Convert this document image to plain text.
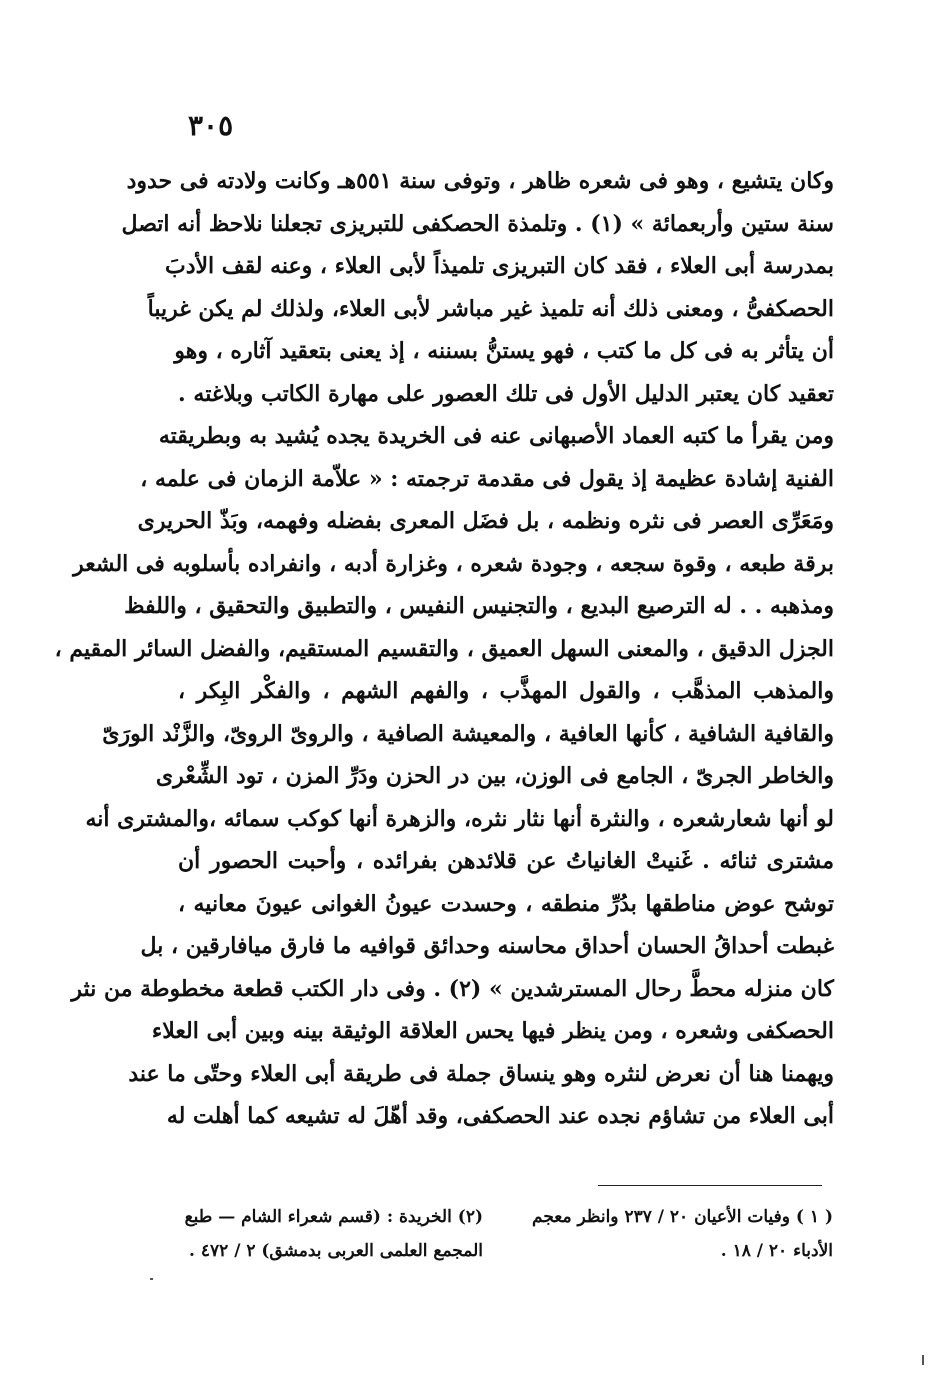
٣٠٥
وكان يتشيع ، وهو فى شعره ظاهر ، وتوفى سنة ٥٥١هـ وكانت ولادته فى حدود
سنة ستين وأربعمائة » (١) . وتلمذة الحصكفى للتبريزى تجعلنا نلاحظ أنه اتصل
بمدرسة أبى العلاء ، فقد كان التبريزى تلميذاً لأبى العلاء ، وعنه لقف الأدبَ
الحصكفىُّ ، ومعنى ذلك أنه تلميذ غير مباشر لأبى العلاء، ولذلك لم يكن غريباً
أن يتأثر به فى كل ما كتب ، فهو يستنُّ بسننه ، إذ يعنى بتعقيد آثاره ، وهو
تعقيد كان يعتبر الدليل الأول فى تلك العصور على مهارة الكاتب وبلاغته .
ومن يقرأ ما كتبه العماد الأصبهانى عنه فى الخريدة يجده يُشيد به وبطريقته
الفنية إشادة عظيمة إذ يقول فى مقدمة ترجمته : « علاّمة الزمان فى علمه ،
ومَعَرِّى العصر فى نثره ونظمه ، بل فضَل المعرى بفضله وفهمه، وبَذّ الحريرى
برقة طبعه ، وقوة سجعه ، وجودة شعره ، وغزارة أدبه ، وانفراده بأسلوبه فى الشعر
ومذهبه . . له الترصيع البديع ، والتجنيس النفيس ، والتطبيق والتحقيق ، واللفظ
الجزل الدقيق ، والمعنى السهل العميق ، والتقسيم المستقيم، والفضل السائر المقيم ،
والمذهب المذهَّب ، والقول المهذَّب ، والفهم الشهم ، والفكْر البِكر ،
والقافية الشافية ، كأنها العافية ، والمعيشة الصافية ، والروىّ الروىّ، والزَّنْد الورَىّ
والخاطر الجرىّ ، الجامع فى الوزن، بين در الحزن ودَرِّ المزن ، تود الشِّعْرى
لو أنها شعارشعره ، والنثرة أنها نثار نثره، والزهرة أنها كوكب سمائه ،والمشترى أنه
مشترى ثنائه . غَنيتْ الغانياتُ عن قلائدهن بفرائده ، وأحبت الحصور أن
توشح عوض مناطقها بدُرِّ منطقه ، وحسدت عيونُ الغوانى عيونَ معانيه ،
غبطت أحداقُ الحسان أحداق محاسنه وحدائق قوافيه ما فارق ميافارقين ، بل
كان منزله محطَّ رحال المسترشدين » (٢) . وفى دار الكتب قطعة مخطوطة من نثر
الحصكفى وشعره ، ومن ينظر فيها يحس العلاقة الوثيقة بينه وبين أبى العلاء
ويهمنا هنا أن نعرض لنثره وهو ينساق جملة فى طريقة أبى العلاء وحتّى ما عند
أبى العلاء من تشاؤم نجده عند الحصكفى، وقد أهّلَ له تشيعه كما أهلت له
( ١ ) وفيات الأعيان ٢٠ / ٢٣٧ وانظر معجم
الأدباء ٢٠ / ١٨ .
(٢) الخريدة : (قسم شعراء الشام — طبع
المجمع العلمى العربى بدمشق) ٢ / ٤٧٢ .
